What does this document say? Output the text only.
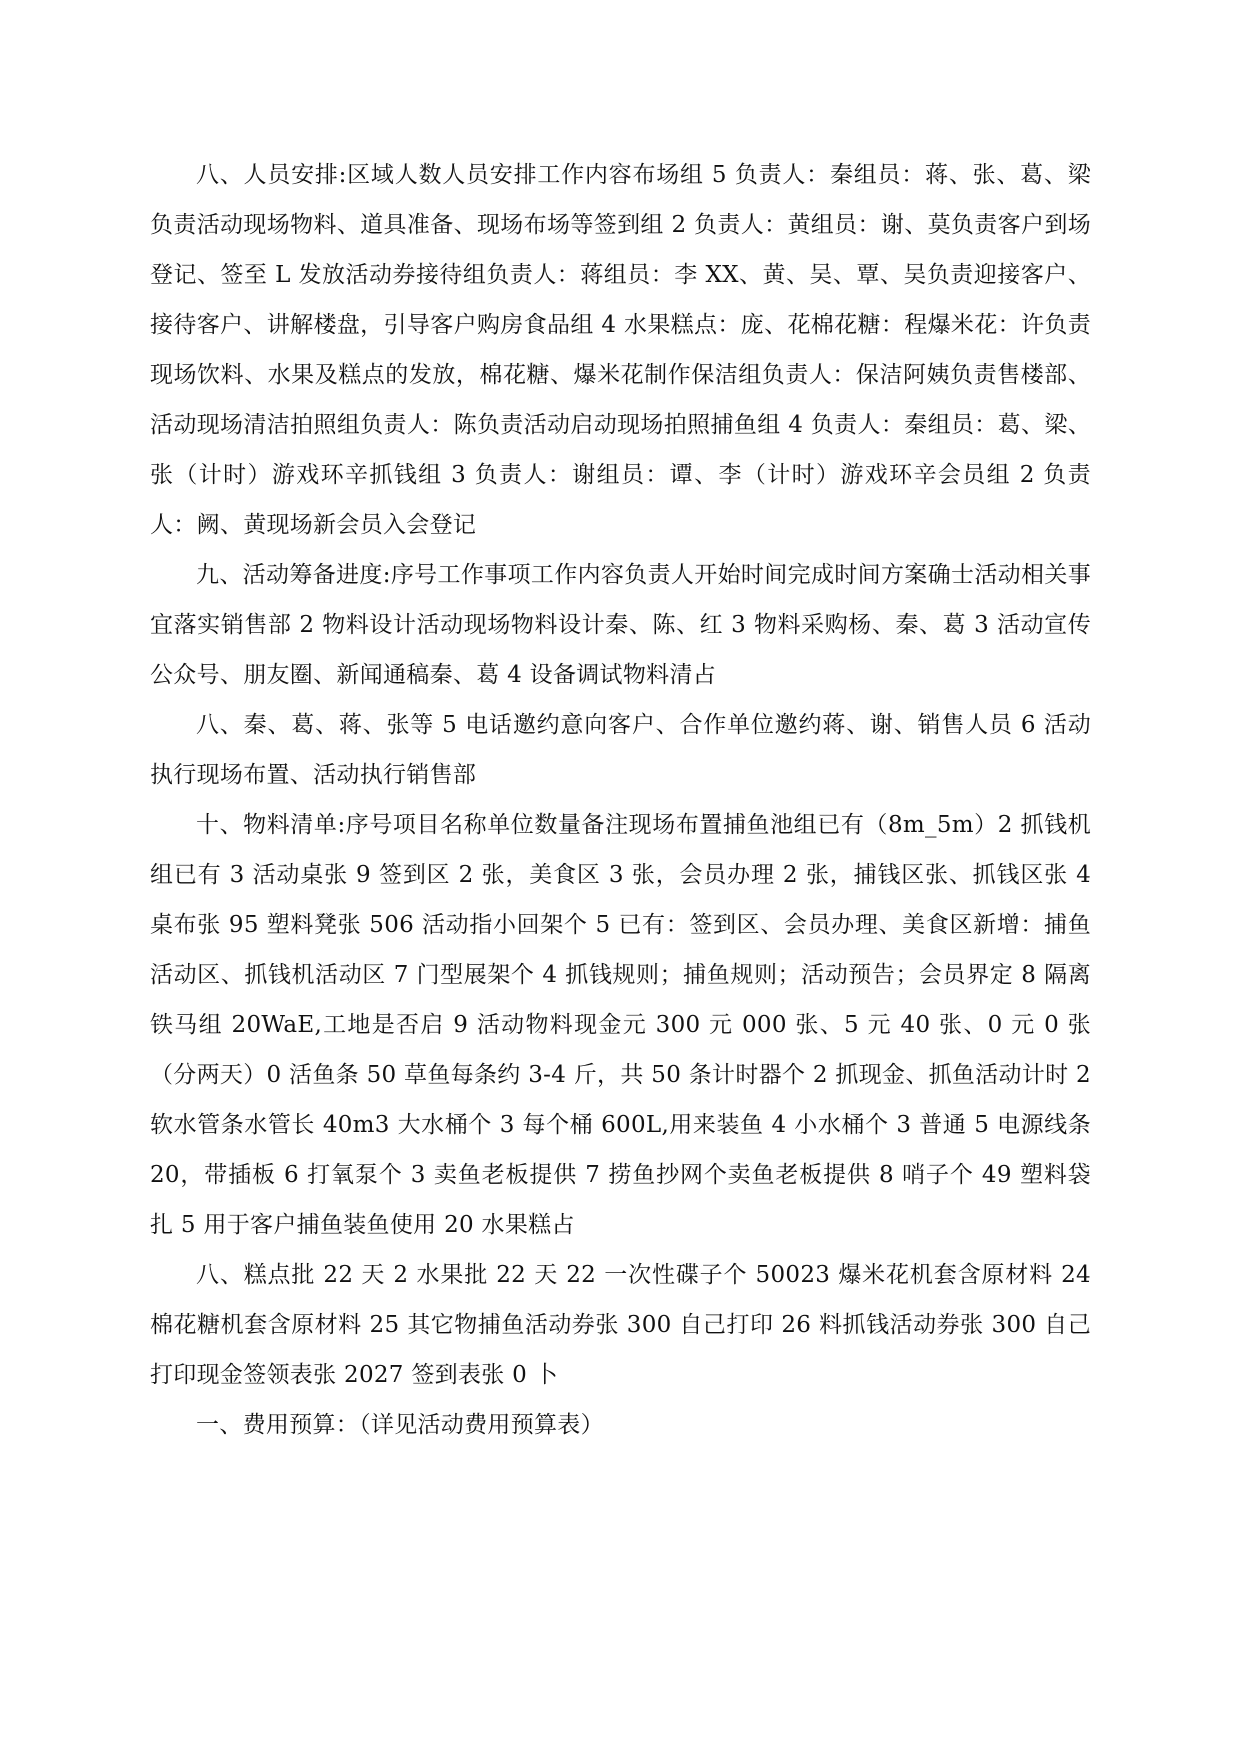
八、人员安排:区域人数人员安排工作内容布场组 5 负责人：秦组员：蒋、张、葛、梁负责活动现场物料、道具准备、现场布场等签到组 2 负责人：黄组员：谢、莫负责客户到场登记、签至 L 发放活动券接待组负责人：蒋组员：李 XX、黄、吴、覃、吴负责迎接客户、接待客户、讲解楼盘，引导客户购房食品组 4 水果糕点：庞、花棉花糖：程爆米花：许负责现场饮料、水果及糕点的发放，棉花糖、爆米花制作保洁组负责人：保洁阿姨负责售楼部、活动现场清洁拍照组负责人：陈负责活动启动现场拍照捕鱼组 4 负责人：秦组员：葛、梁、张（计时）游戏环辛抓钱组 3 负责人：谢组员：谭、李（计时）游戏环辛会员组 2 负责人：阙、黄现场新会员入会登记

九、活动筹备进度:序号工作事项工作内容负责人开始时间完成时间方案确士活动相关事宜落实销售部 2 物料设计活动现场物料设计秦、陈、红 3 物料采购杨、秦、葛 3 活动宣传公众号、朋友圈、新闻通稿秦、葛 4 设备调试物料清占

八、秦、葛、蒋、张等 5 电话邀约意向客户、合作单位邀约蒋、谢、销售人员 6 活动执行现场布置、活动执行销售部

十、物料清单:序号项目名称单位数量备注现场布置捕鱼池组已有（8m_5m）2 抓钱机组已有 3 活动桌张 9 签到区 2 张，美食区 3 张，会员办理 2 张，捕钱区张、抓钱区张 4 桌布张 95 塑料凳张 506 活动指小回架个 5 已有：签到区、会员办理、美食区新增：捕鱼活动区、抓钱机活动区 7 门型展架个 4 抓钱规则；捕鱼规则；活动预告；会员界定 8 隔离铁马组 20WaE,工地是否启 9 活动物料现金元 300 元 000 张、5 元 40 张、0 元 0 张（分两天）0 活鱼条 50 草鱼每条约 3-4 斤，共 50 条计时器个 2 抓现金、抓鱼活动计时 2 软水管条水管长 40m3 大水桶个 3 每个桶 600L,用来装鱼 4 小水桶个 3 普通 5 电源线条 20，带插板 6 打氧泵个 3 卖鱼老板提供 7 捞鱼抄网个卖鱼老板提供 8 哨子个 49 塑料袋扎 5 用于客户捕鱼装鱼使用 20 水果糕占

八、糕点批 22 天 2 水果批 22 天 22 一次性碟子个 50023 爆米花机套含原材料 24 棉花糖机套含原材料 25 其它物捕鱼活动券张 300 自己打印 26 料抓钱活动券张 300 自己打印现金签领表张 2027 签到表张 0 卜

一、费用预算：（详见活动费用预算表）
